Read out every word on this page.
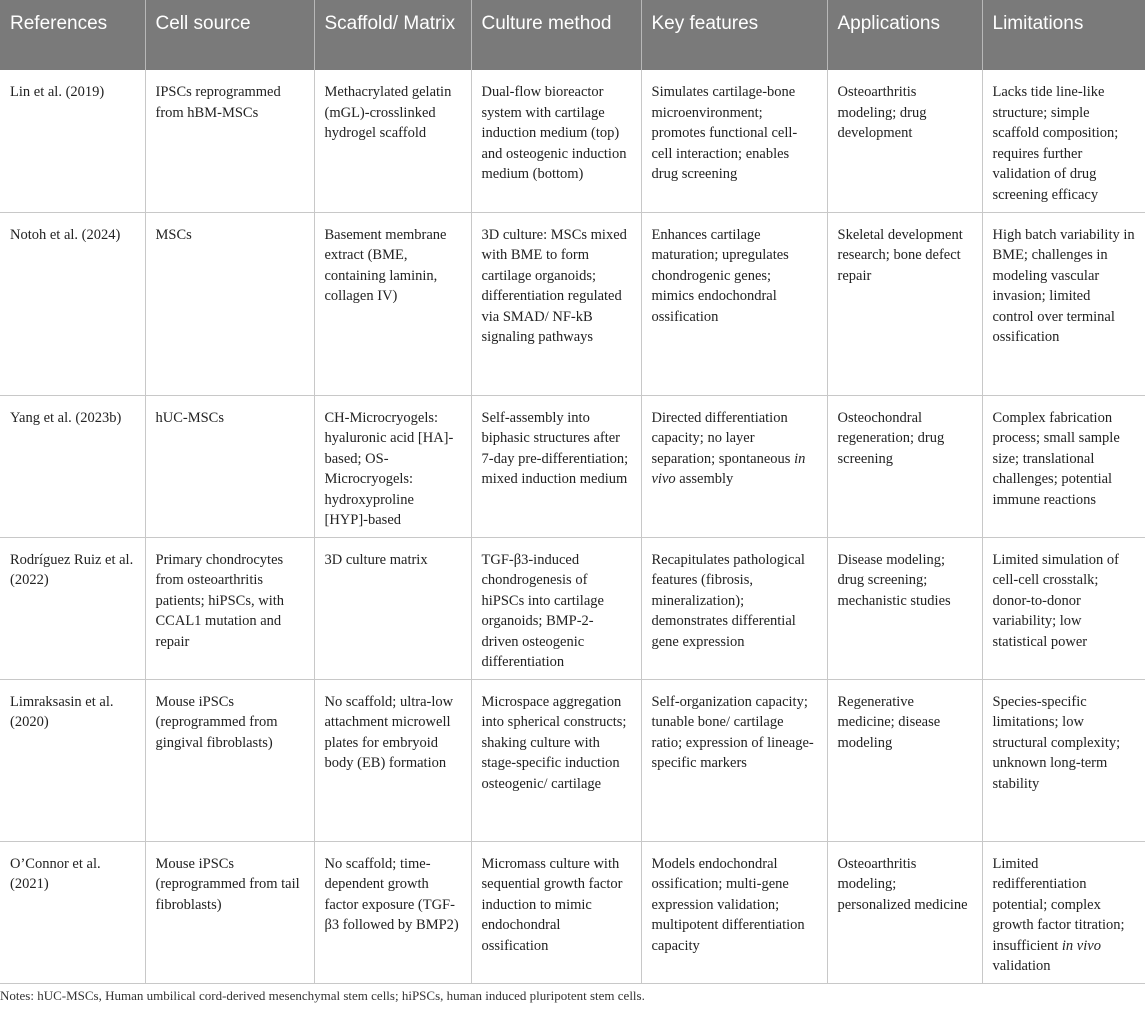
References	Cell source	Scaffold/ Matrix	Culture method	Key features	Applications	Limitations
Lin et al. (2019)	IPSCs reprogrammed from hBM-MSCs	Methacrylated gelatin (mGL)-crosslinked hydrogel scaffold	Dual-flow bioreactor system with cartilage induction medium (top) and osteogenic induction medium (bottom)	Simulates cartilage-bone microenvironment; promotes functional cell-cell interaction; enables drug screening	Osteoarthritis modeling; drug development	Lacks tide line-like structure; simple scaffold composition; requires further validation of drug screening efficacy
Notoh et al. (2024)	MSCs	Basement membrane extract (BME, containing laminin, collagen IV)	3D culture: MSCs mixed with BME to form cartilage organoids; differentiation regulated via SMAD/ NF-kB signaling pathways	Enhances cartilage maturation; upregulates chondrogenic genes; mimics endochondral ossification	Skeletal development research; bone defect repair	High batch variability in BME; challenges in modeling vascular invasion; limited control over terminal ossification
Yang et al. (2023b)	hUC-MSCs	CH-Microcryogels: hyaluronic acid [HA]-based; OS-Microcryogels: hydroxyproline [HYP]-based	Self-assembly into biphasic structures after 7-day pre-differentiation; mixed induction medium	Directed differentiation capacity; no layer separation; spontaneous in vivo assembly	Osteochondral regeneration; drug screening	Complex fabrication process; small sample size; translational challenges; potential immune reactions
Rodríguez Ruiz et al. (2022)	Primary chondrocytes from osteoarthritis patients; hiPSCs, with CCAL1 mutation and repair	3D culture matrix	TGF-β3-induced chondrogenesis of hiPSCs into cartilage organoids; BMP-2-driven osteogenic differentiation	Recapitulates pathological features (fibrosis, mineralization); demonstrates differential gene expression	Disease modeling; drug screening; mechanistic studies	Limited simulation of cell-cell crosstalk; donor-to-donor variability; low statistical power
Limraksasin et al. (2020)	Mouse iPSCs (reprogrammed from gingival fibroblasts)	No scaffold; ultra-low attachment microwell plates for embryoid body (EB) formation	Microspace aggregation into spherical constructs; shaking culture with stage-specific induction osteogenic/ cartilage	Self-organization capacity; tunable bone/ cartilage ratio; expression of lineage-specific markers	Regenerative medicine; disease modeling	Species-specific limitations; low structural complexity; unknown long-term stability
O’Connor et al. (2021)	Mouse iPSCs (reprogrammed from tail fibroblasts)	No scaffold; time-dependent growth factor exposure (TGF-β3 followed by BMP2)	Micromass culture with sequential growth factor induction to mimic endochondral ossification	Models endochondral ossification; multi-gene expression validation; multipotent differentiation capacity	Osteoarthritis modeling; personalized medicine	Limited redifferentiation potential; complex growth factor titration; insufficient in vivo validation
Notes: hUC-MSCs, Human umbilical cord-derived mesenchymal stem cells; hiPSCs, human induced pluripotent stem cells.
